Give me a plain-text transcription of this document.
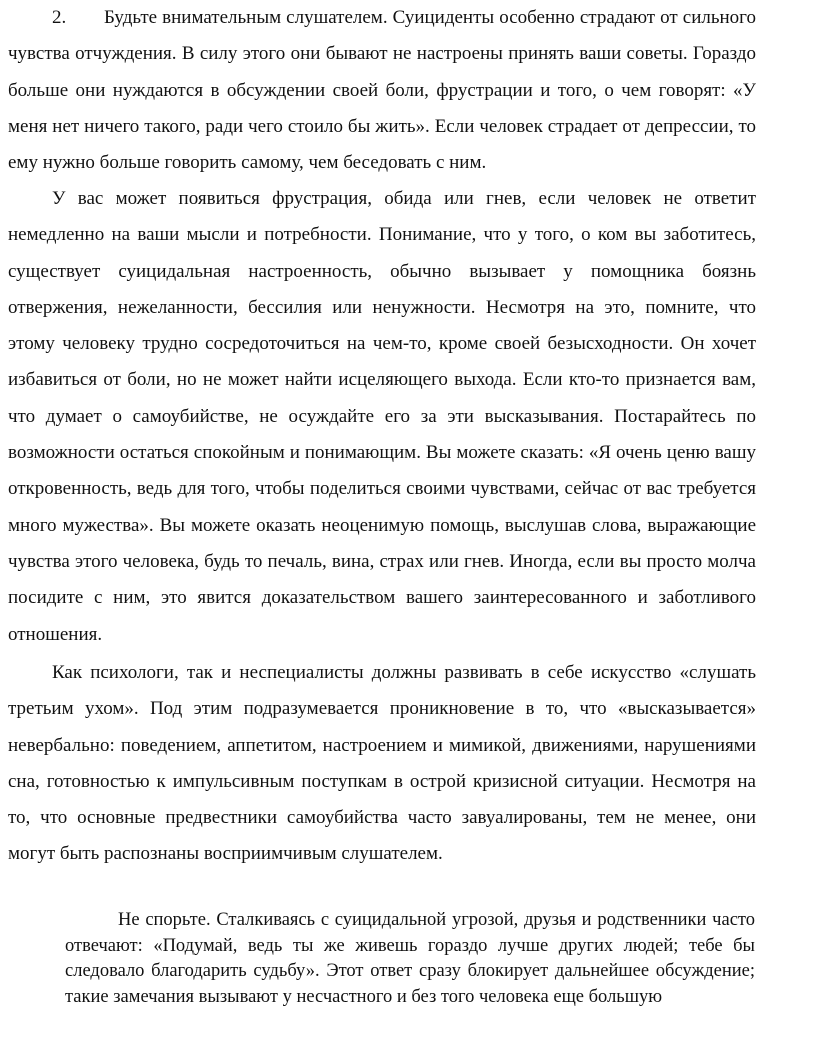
2. Будьте внимательным слушателем. Суициденты особенно страдают от сильного чувства отчуждения. В силу этого они бывают не настроены принять ваши советы. Гораздо больше они нуждаются в обсуждении своей боли, фрустрации и того, о чем говорят: «У меня нет ничего такого, ради чего стоило бы жить». Если человек страдает от депрессии, то ему нужно больше говорить самому, чем беседовать с ним.

У вас может появиться фрустрация, обида или гнев, если человек не ответит немедленно на ваши мысли и потребности. Понимание, что у того, о ком вы заботитесь, существует суицидальная настроенность, обычно вызывает у помощника боязнь отвержения, нежеланности, бессилия или ненужности. Несмотря на это, помните, что этому человеку трудно сосредоточиться на чем-то, кроме своей безысходности. Он хочет избавиться от боли, но не может найти исцеляющего выхода. Если кто-то признается вам, что думает о самоубийстве, не осуждайте его за эти высказывания. Постарайтесь по возможности остаться спокойным и понимающим. Вы можете сказать: «Я очень ценю вашу откровенность, ведь для того, чтобы поделиться своими чувствами, сейчас от вас требуется много мужества». Вы можете оказать неоценимую помощь, выслушав слова, выражающие чувства этого человека, будь то печаль, вина, страх или гнев. Иногда, если вы просто молча посидите с ним, это явится доказательством вашего заинтересованного и заботливого отношения.

Как психологи, так и неспециалисты должны развивать в себе искусство «слушать третьим ухом». Под этим подразумевается проникновение в то, что «высказывается» невербально: поведением, аппетитом, настроением и мимикой, движениями, нарушениями сна, готовностью к импульсивным поступкам в острой кризисной ситуации. Несмотря на то, что основные предвестники самоубийства часто завуалированы, тем не менее, они могут быть распознаны восприимчивым слушателем.

Не спорьте. Сталкиваясь с суицидальной угрозой, друзья и родственники часто отвечают: «Подумай, ведь ты же живешь гораздо лучше других людей; тебе бы следовало благодарить судьбу». Этот ответ сразу блокирует дальнейшее обсуждение; такие замечания вызывают у несчастного и без того человека еще большую
